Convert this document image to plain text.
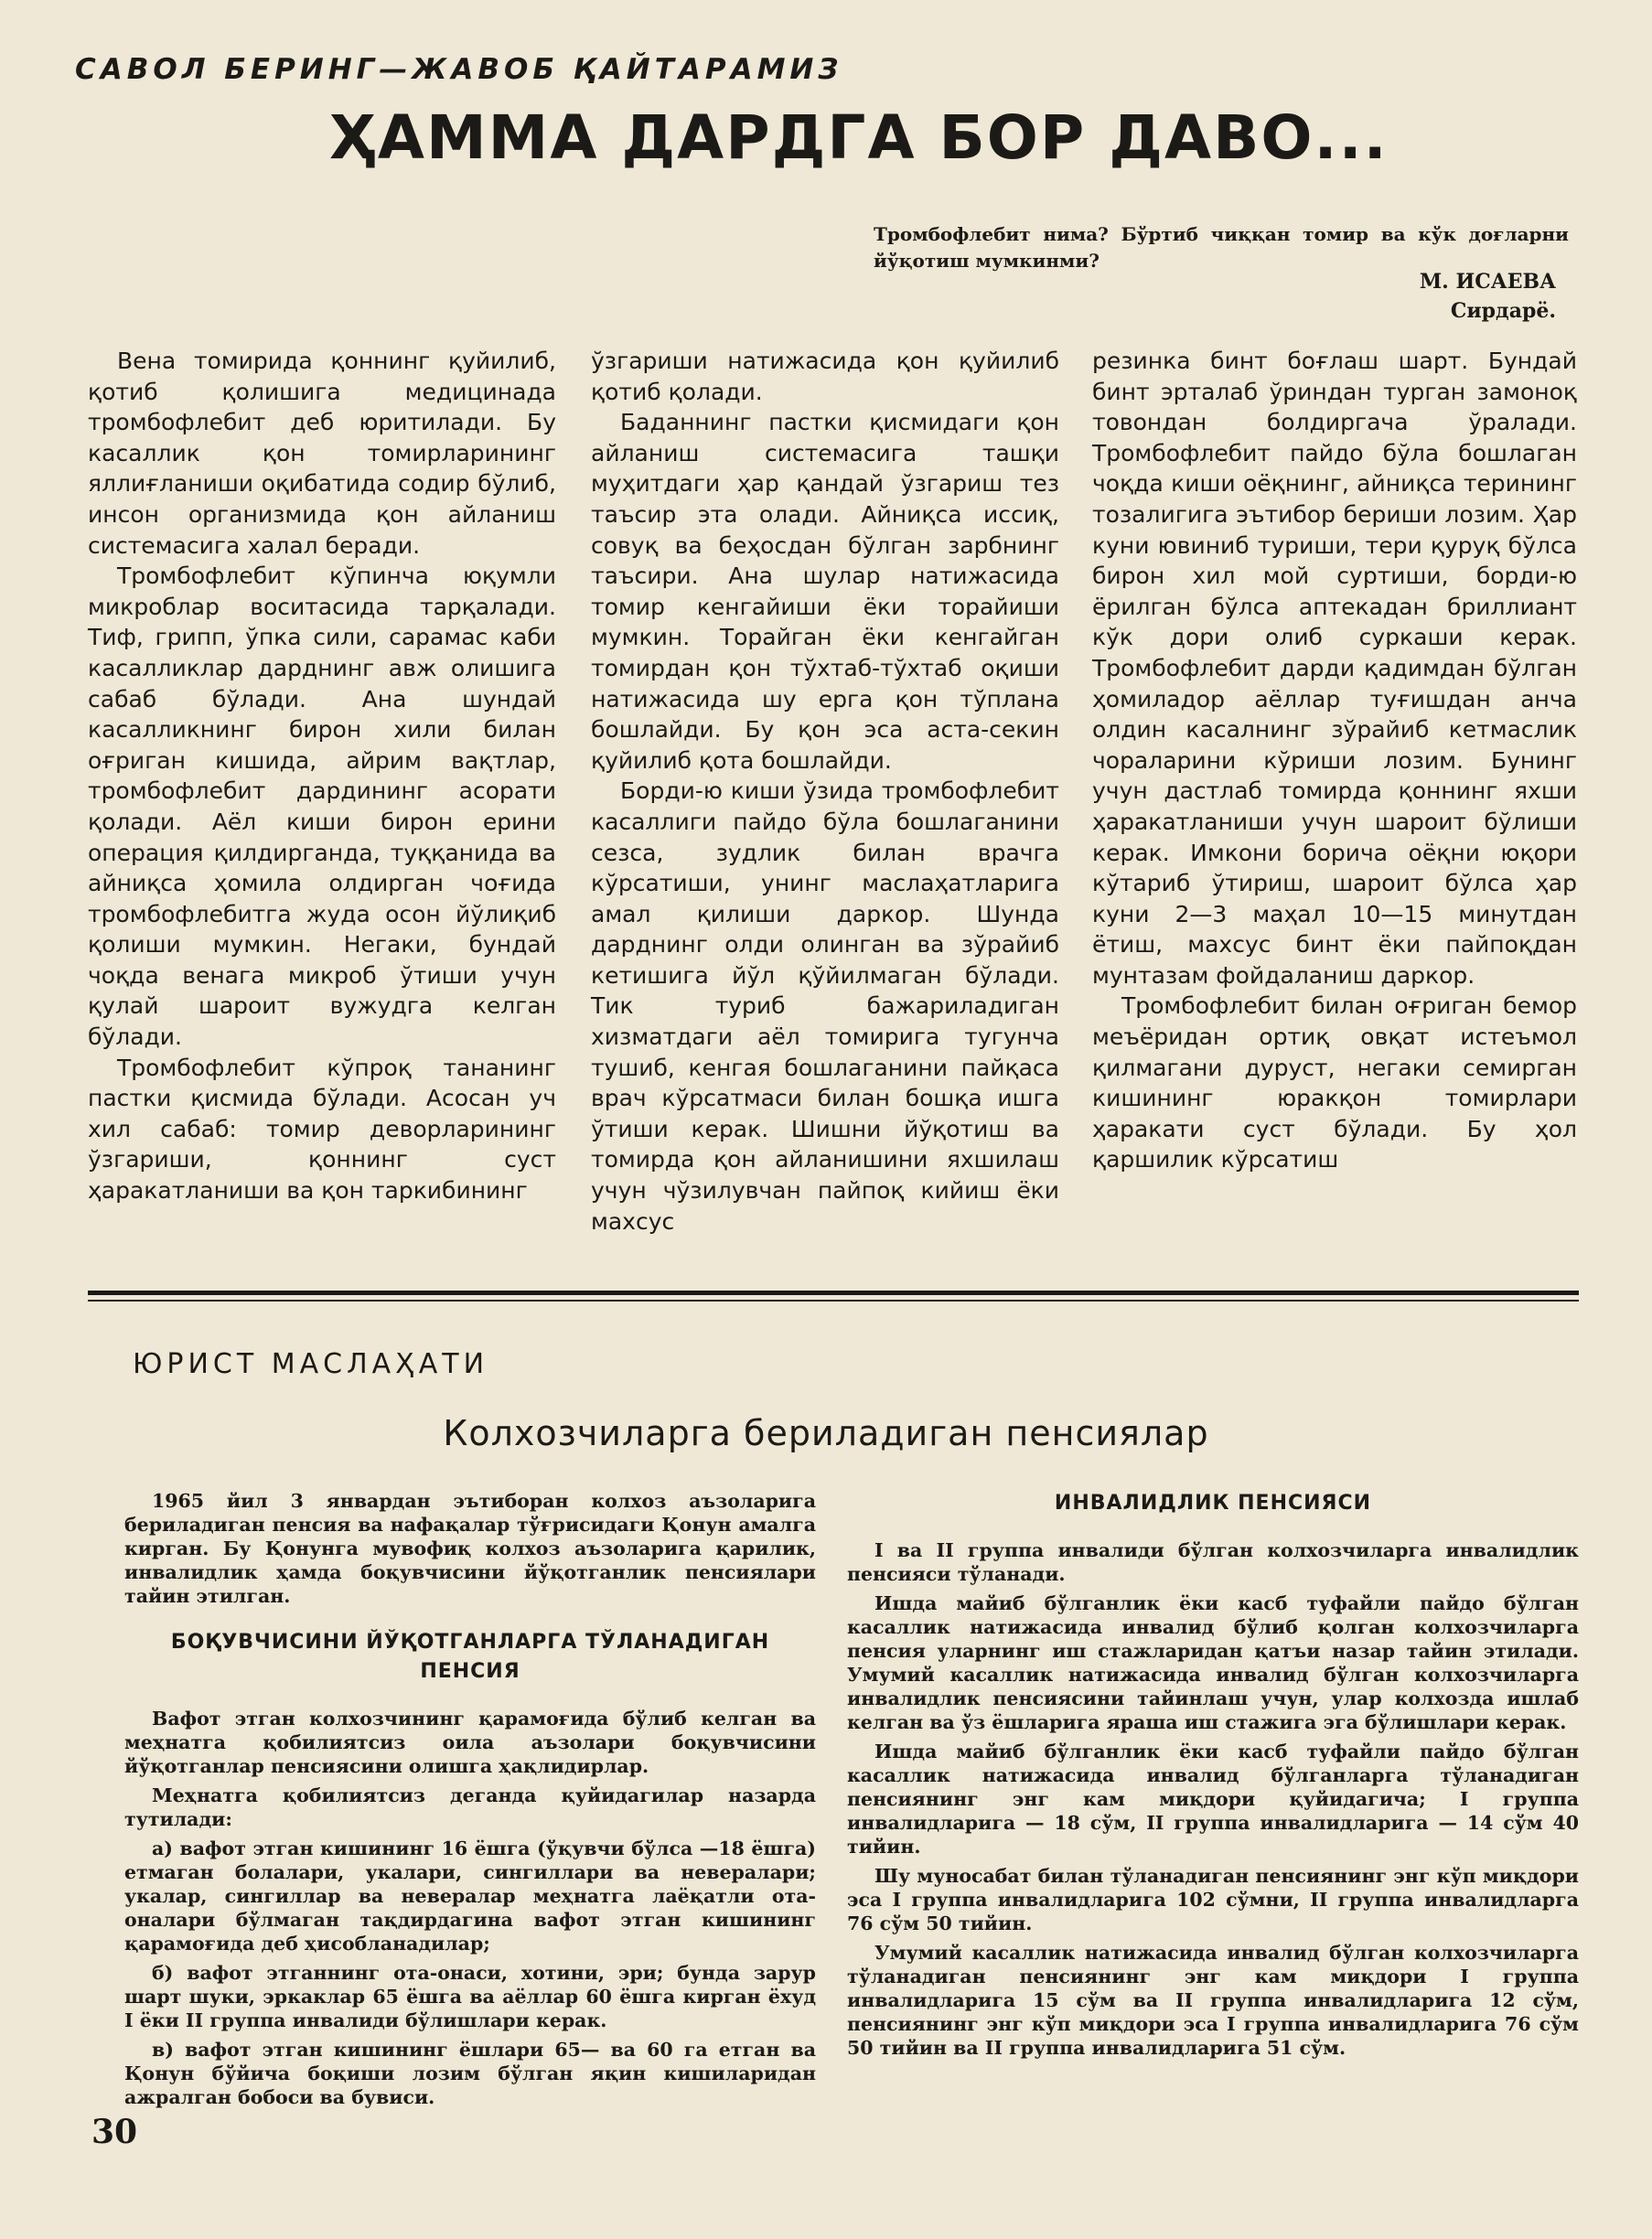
САВОЛ БЕРИНГ—ЖАВОБ ҚАЙТАРАМИЗ
ҲАММА ДАРДГА БОР ДАВО...
Тромбофлебит нима? Бўртиб чиққан томир ва кўк доғларни йўқотиш мумкинми?
М. ИСАЕВА
Сирдарё.

Вена томирида қоннинг қуйилиб, қотиб қолишига медицинада тромбофлебит деб юритилади. Бу касаллик қон томирларининг яллиғланиши оқибатида содир бўлиб, инсон организмида қон айланиш системасига халал беради.

Тромбофлебит кўпинча юқумли микроблар воситасида тарқалади. Тиф, грипп, ўпка сили, сарамас каби касалликлар дарднинг авж олишига сабаб бўлади. Ана шундай касалликнинг бирон хили билан оғриган кишида, айрим вақтлар, тромбофлебит дардининг асорати қолади. Аёл киши бирон ерини операция қилдирганда, туққанида ва айниқса ҳомила олдирган чоғида тромбофлебитга жуда осон йўлиқиб қолиши мумкин. Негаки, бундай чоқда венага микроб ўтиши учун қулай шароит вужудга келган бўлади.

Тромбофлебит кўпроқ тананинг пастки қисмида бўлади. Асосан уч хил сабаб: томир деворларининг ўзгариши, қоннинг суст ҳаракатланиши ва қон таркибининг

ўзгариши натижасида қон қуйилиб қотиб қолади.

Баданнинг пастки қисмидаги қон айланиш системасига ташқи муҳитдаги ҳар қандай ўзгариш тез таъсир эта олади. Айниқса иссиқ, совуқ ва беҳосдан бўлган зарбнинг таъсири. Ана шулар натижасида томир кенгайиши ёки торайиши мумкин. Торайган ёки кенгайган томирдан қон тўхтаб-тўхтаб оқиши натижасида шу ерга қон тўплана бошлайди. Бу қон эса аста-секин қуйилиб қота бошлайди.

Борди-ю киши ўзида тромбофлебит касаллиги пайдо бўла бошлаганини сезса, зудлик билан врачга кўрсатиши, унинг маслаҳатларига амал қилиши даркор. Шунда дарднинг олди олинган ва зўрайиб кетишига йўл қўйилмаган бўлади. Тик туриб бажариладиган хизматдаги аёл томирига тугунча тушиб, кенгая бошлаганини пайқаса врач кўрсатмаси билан бошқа ишга ўтиши керак. Шишни йўқотиш ва томирда қон айланишини яхшилаш учун чўзилувчан пайпоқ кийиш ёки махсус

резинка бинт боғлаш шарт. Бундай бинт эрталаб ўриндан турган замоноқ товондан болдиргача ўралади. Тромбофлебит пайдо бўла бошлаган чоқда киши оёқнинг, айниқса терининг тозалигига эътибор бериши лозим. Ҳар куни ювиниб туриши, тери қуруқ бўлса бирон хил мой суртиши, борди-ю ёрилган бўлса аптекадан бриллиант кўк дори олиб суркаши керак. Тромбофлебит дарди қадимдан бўлган ҳомиладор аёллар туғишдан анча олдин касалнинг зўрайиб кетмаслик чораларини кўриши лозим. Бунинг учун дастлаб томирда қоннинг яхши ҳаракатланиши учун шароит бўлиши керак. Имкони борича оёқни юқори кўтариб ўтириш, шароит бўлса ҳар куни 2—3 маҳал 10—15 минутдан ётиш, махсус бинт ёки пайпоқдан мунтазам фойдаланиш даркор.

Тромбофлебит билан оғриган бемор меъёридан ортиқ овқат истеъмол қилмагани дуруст, негаки семирган кишининг юракқон томирлари ҳаракати суст бўлади. Бу ҳол қаршилик кўрсатиш

ЮРИСТ МАСЛАҲАТИ
Колхозчиларга бериладиган пенсиялар

1965 йил 3 январдан эътиборан колхоз аъзоларига бериладиган пенсия ва нафақалар тўғрисидаги Қонун амалга кирган. Бу Қонунга мувофиқ колхоз аъзоларига қарилик, инвалидлик ҳамда боқувчисини йўқотганлик пенсиялари тайин этилган.

БОҚУВЧИСИНИ ЙЎҚОТГАНЛАРГА ТЎЛАНАДИГАН ПЕНСИЯ

Вафот этган колхозчининг қарамоғида бўлиб келган ва меҳнатга қобилиятсиз оила аъзолари боқувчисини йўқотганлар пенсиясини олишга ҳақлидирлар.

Меҳнатга қобилиятсиз деганда қуйидагилар назарда тутилади:

а) вафот этган кишининг 16 ёшга (ўқувчи бўлса —18 ёшга) етмаган болалари, укалари, сингиллари ва невералари; укалар, сингиллар ва невералар меҳнатга лаёқатли ота-оналари бўлмаган тақдирдагина вафот этган кишининг қарамоғида деб ҳисобланадилар;

б) вафот этганнинг ота-онаси, хотини, эри; бунда зарур шарт шуки, эркаклар 65 ёшга ва аёллар 60 ёшга кирган ёхуд I ёки II группа инвалиди бўлишлари керак.

в) вафот этган кишининг ёшлари 65— ва 60 га етган ва Қонун бўйича боқиши лозим бўлган яқин кишиларидан ажралган бобоси ва бувиси.

ИНВАЛИДЛИК ПЕНСИЯСИ

I ва II группа инвалиди бўлган колхозчиларга инвалидлик пенсияси тўланади.

Ишда майиб бўлганлик ёки касб туфайли пайдо бўлган касаллик натижасида инвалид бўлиб қолган колхозчиларга пенсия уларнинг иш стажларидан қатъи назар тайин этилади. Умумий касаллик натижасида инвалид бўлган колхозчиларга инвалидлик пенсиясини тайинлаш учун, улар колхозда ишлаб келган ва ўз ёшларига яраша иш стажига эга бўлишлари керак.

Ишда майиб бўлганлик ёки касб туфайли пайдо бўлган касаллик натижасида инвалид бўлганларга тўланадиган пенсиянинг энг кам миқдори қуйидагича; I группа инвалидларига — 18 сўм, II группа инвалидларига — 14 сўм 40 тийин.

Шу муносабат билан тўланадиган пенсиянинг энг кўп миқдори эса I группа инвалидларига 102 сўмни, II группа инвалидларга 76 сўм 50 тийин.

Умумий касаллик натижасида инвалид бўлган колхозчиларга тўланадиган пенсиянинг энг кам миқдори I группа инвалидларига 15 сўм ва II группа инвалидларига 12 сўм, пенсиянинг энг кўп миқдори эса I группа инвалидларига 76 сўм 50 тийин ва II группа инвалидларига 51 сўм.

30
